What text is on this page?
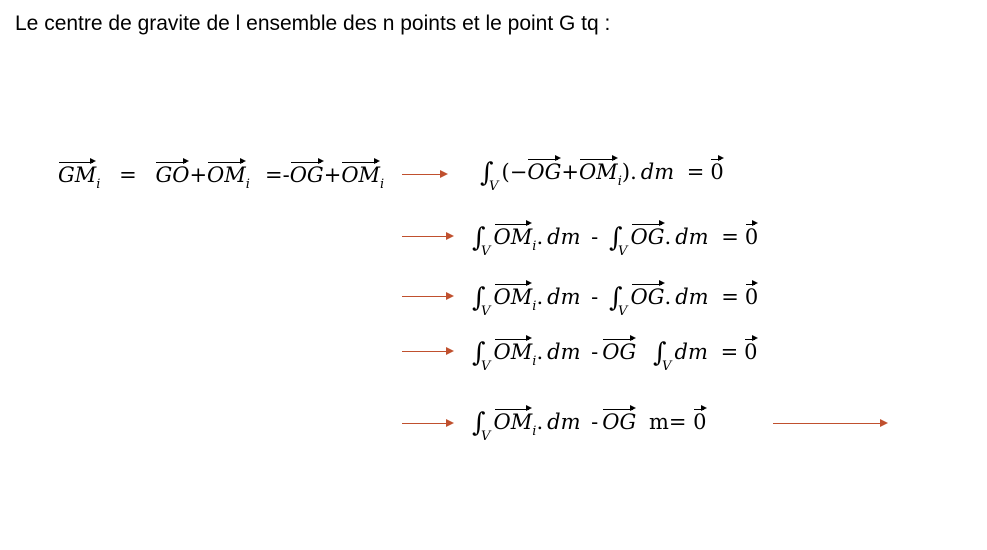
Le centre de gravite de l ensemble des n points et le point G tq :
$GM_i = GO+OM_i =-OG+OM_i$	∫
V
$(-OG+OM_i)$. dm = 0
∫
V
$OM_i$. dm - ∫
V
OG. dm = 0
∫
V
$OM_i$. dm - ∫
V
OG. dm = 0
∫
V
$OM_i$. dm - OG ∫
V
dm = 0
∫
V
$OM_i$. dm - OG m= 0
